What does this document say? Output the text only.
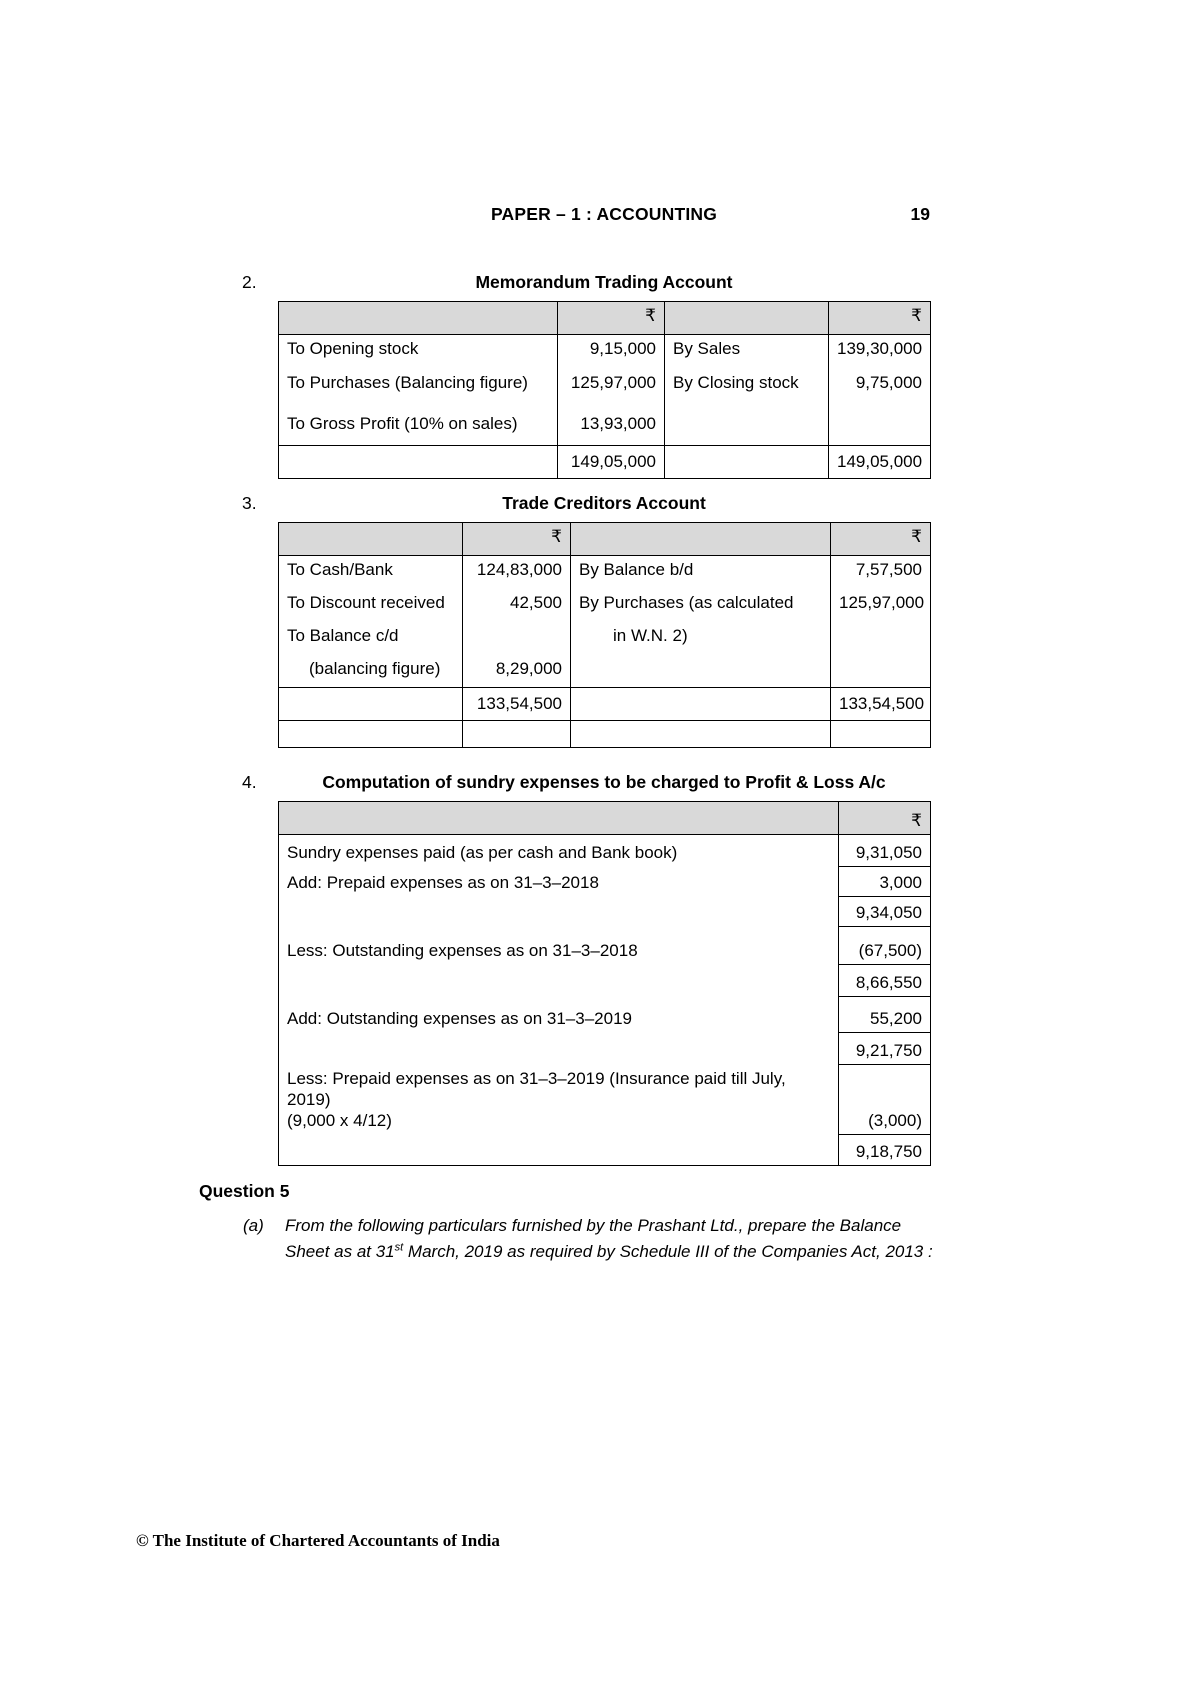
PAPER – 1 : ACCOUNTING	19
2.	Memorandum Trading Account
	₹		₹
To Opening stock	9,15,000	By Sales	139,30,000
To Purchases (Balancing figure)	125,97,000	By Closing stock	9,75,000
To Gross Profit (10% on sales)	13,93,000		
	149,05,000		149,05,000
3.	Trade Creditors Account
	₹		₹
To Cash/Bank	124,83,000	By Balance b/d	7,57,500
To Discount received	42,500	By Purchases (as calculated	125,97,000
To Balance c/d		in W.N. 2)	
(balancing figure)	8,29,000		
	133,54,500		133,54,500

4.	Computation of sundry expenses to be charged to Profit & Loss A/c
	₹
Sundry expenses paid (as per cash and Bank book)	9,31,050
Add: Prepaid expenses as on 31–3–2018	3,000
	9,34,050
Less: Outstanding expenses as on 31–3–2018	(67,500)
	8,66,550
Add: Outstanding expenses as on 31–3–2019	55,200
	9,21,750

Less: Prepaid expenses as on 31–3–2019 (Insurance paid till July, 2019)
(9,000 x 4/12)	(3,000)
	9,18,750
Question 5
(a)	From the following particulars furnished by the Prashant Ltd., prepare the Balance Sheet as at 31st March, 2019 as required by Schedule III of the Companies Act, 2013 :
© The Institute of Chartered Accountants of India
